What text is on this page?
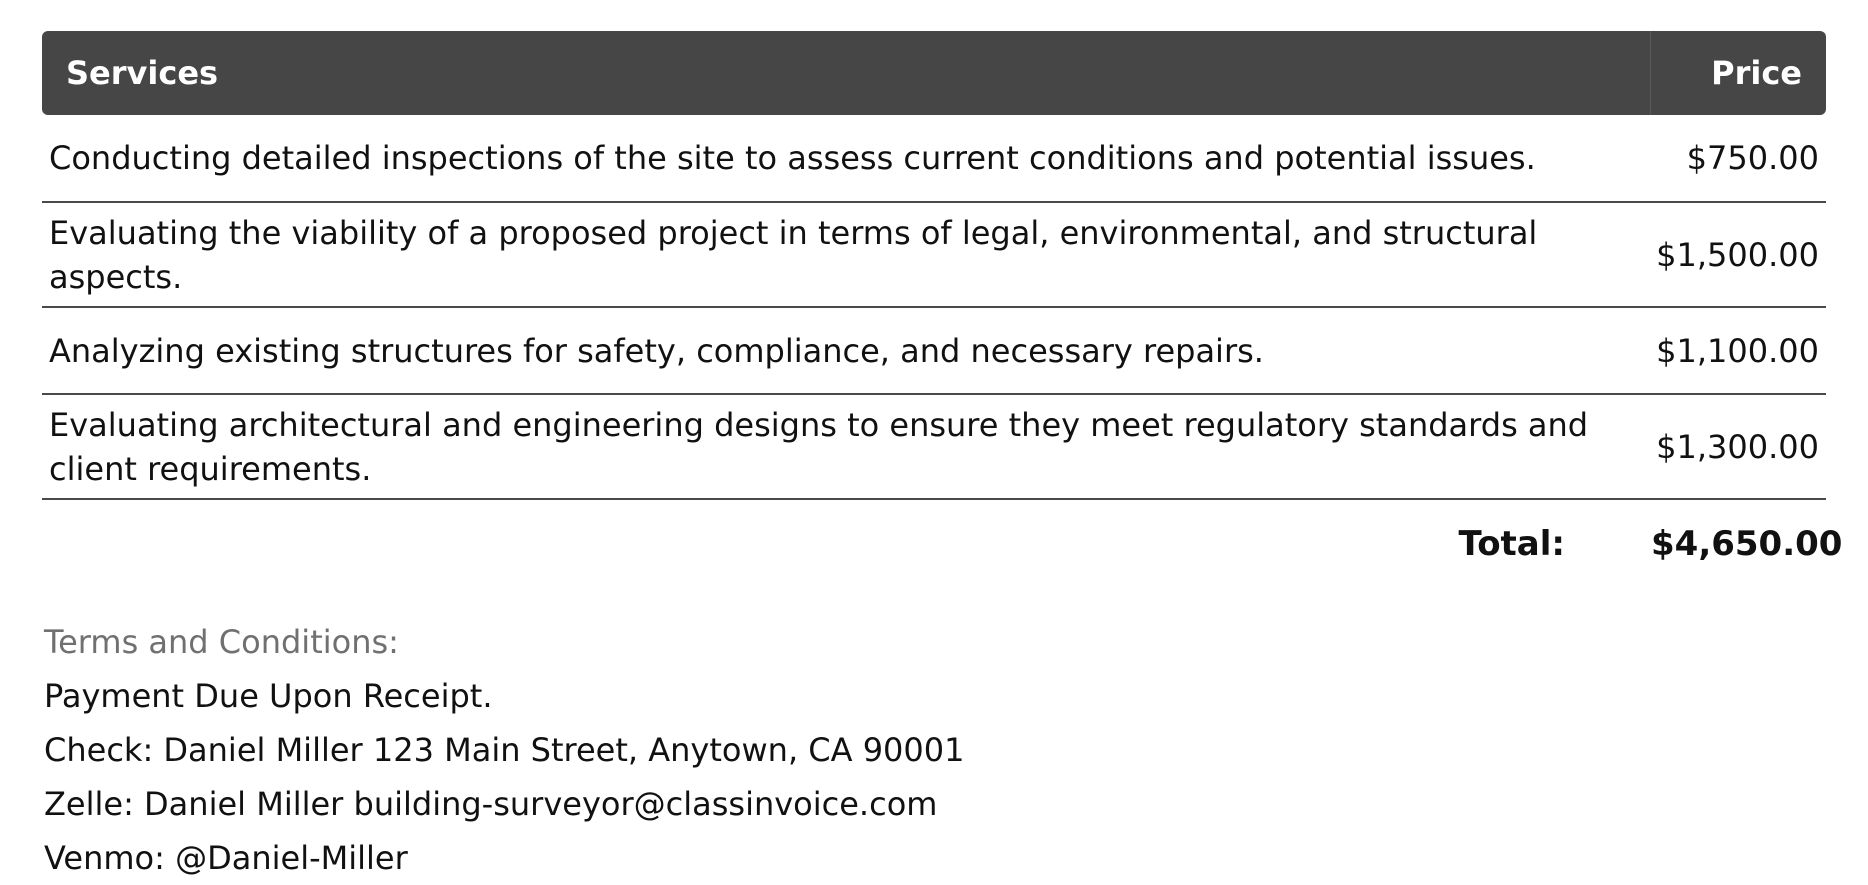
Services	Price
Conducting detailed inspections of the site to assess current conditions and potential issues.	$750.00
Evaluating the viability of a proposed project in terms of legal, environmental, and structural aspects.	$1,500.00
Analyzing existing structures for safety, compliance, and necessary repairs.	$1,100.00
Evaluating architectural and engineering designs to ensure they meet regulatory standards and client requirements.	$1,300.00
Total:	$4,650.00

Terms and Conditions:

Payment Due Upon Receipt.

Check: Daniel Miller 123 Main Street, Anytown, CA 90001

Zelle: Daniel Miller building-surveyor@classinvoice.com

Venmo: @Daniel-Miller
